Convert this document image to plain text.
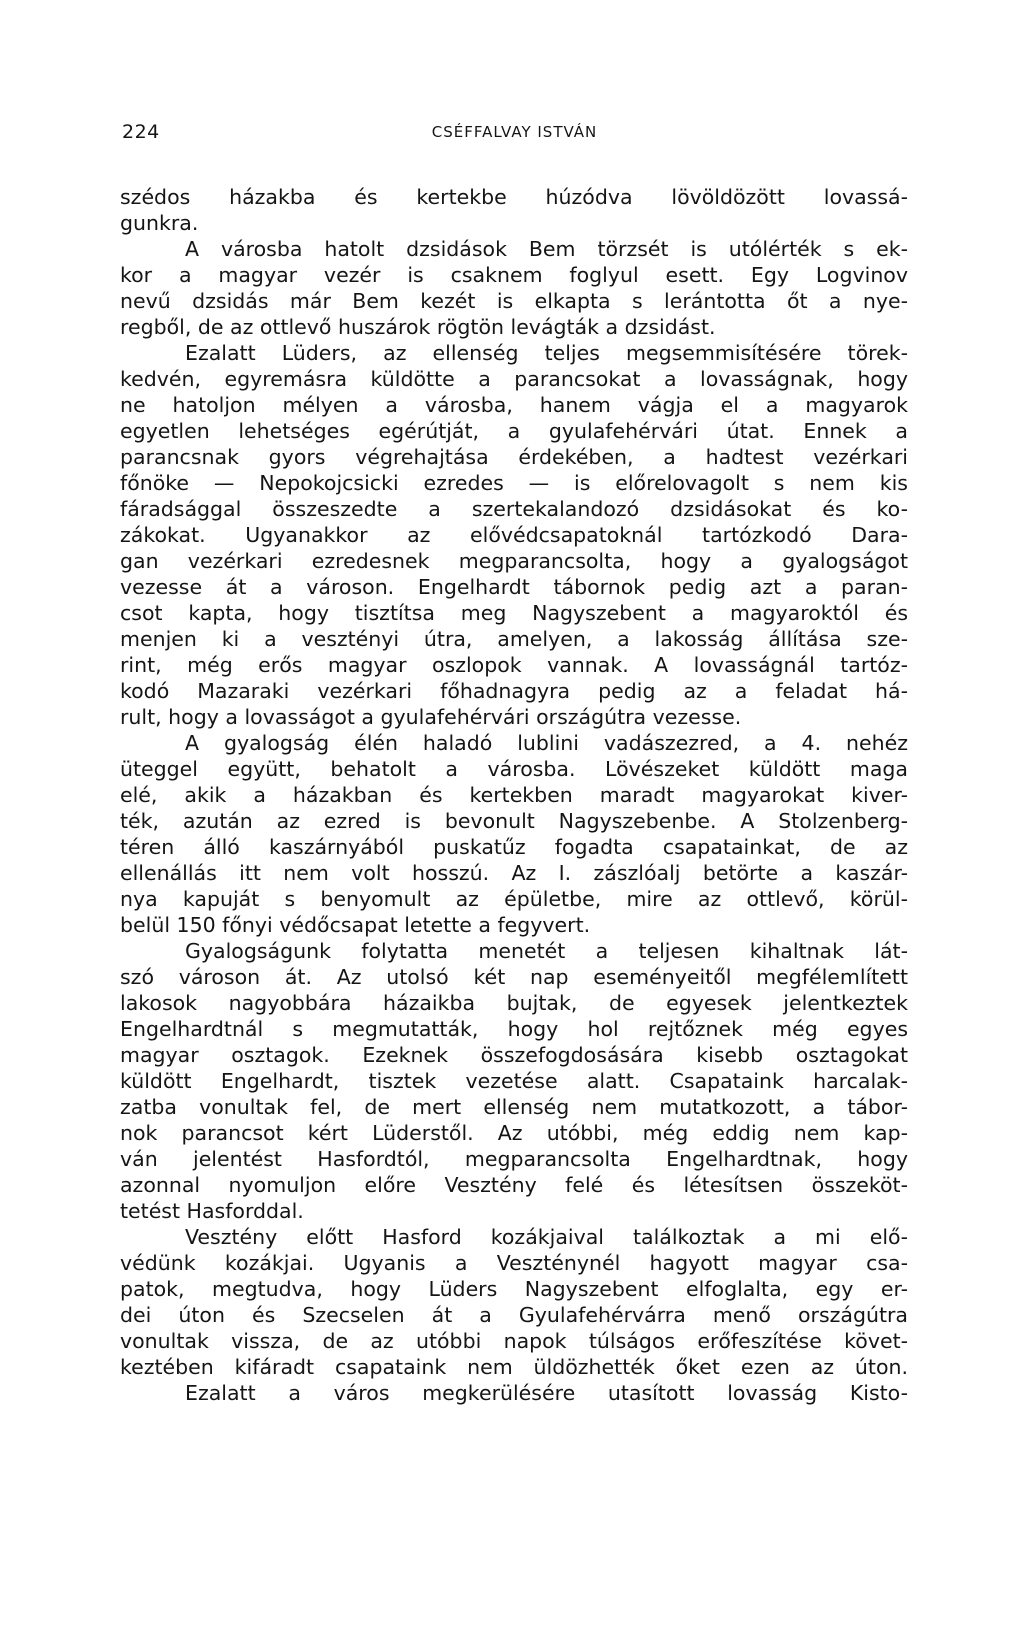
224	CSÉFFALVAY ISTVÁN
szédos házakba és kertekbe húzódva lövöldözött lovassá-
gunkra.
A városba hatolt dzsidások Bem törzsét is utólérték s ek-
kor a magyar vezér is csaknem foglyul esett. Egy Logvinov
nevű dzsidás már Bem kezét is elkapta s lerántotta őt a nye-
regből, de az ottlevő huszárok rögtön levágták a dzsidást.
Ezalatt Lüders, az ellenség teljes megsemmisítésére törek-
kedvén, egyremásra küldötte a parancsokat a lovasságnak, hogy
ne hatoljon mélyen a városba, hanem vágja el a magyarok
egyetlen lehetséges egérútját, a gyulafehérvári útat. Ennek a
parancsnak gyors végrehajtása érdekében, a hadtest vezérkari
főnöke — Nepokojcsicki ezredes — is előrelovagolt s nem kis
fáradsággal összeszedte a szertekalandozó dzsidásokat és ko-
zákokat. Ugyanakkor az elővédcsapatoknál tartózkodó Dara-
gan vezérkari ezredesnek megparancsolta, hogy a gyalogságot
vezesse át a városon. Engelhardt tábornok pedig azt a paran-
csot kapta, hogy tisztítsa meg Nagyszebent a magyaroktól és
menjen ki a vesztényi útra, amelyen, a lakosság állítása sze-
rint, még erős magyar oszlopok vannak. A lovasságnál tartóz-
kodó Mazaraki vezérkari főhadnagyra pedig az a feladat há-
rult, hogy a lovasságot a gyulafehérvári országútra vezesse.
A gyalogság élén haladó lublini vadászezred, a 4. nehéz
üteggel együtt, behatolt a városba. Lövészeket küldött maga
elé, akik a házakban és kertekben maradt magyarokat kiver-
ték, azután az ezred is bevonult Nagyszebenbe. A Stolzenberg-
téren álló kaszárnyából puskatűz fogadta csapatainkat, de az
ellenállás itt nem volt hosszú. Az I. zászlóalj betörte a kaszár-
nya kapuját s benyomult az épületbe, mire az ottlevő, körül-
belül 150 főnyi védőcsapat letette a fegyvert.
Gyalogságunk folytatta menetét a teljesen kihaltnak lát-
szó városon át. Az utolsó két nap eseményeitől megfélemlített
lakosok nagyobbára házaikba bujtak, de egyesek jelentkeztek
Engelhardtnál s megmutatták, hogy hol rejtőznek még egyes
magyar osztagok. Ezeknek összefogdosására kisebb osztagokat
küldött Engelhardt, tisztek vezetése alatt. Csapataink harcalak-
zatba vonultak fel, de mert ellenség nem mutatkozott, a tábor-
nok parancsot kért Lüderstől. Az utóbbi, még eddig nem kap-
ván jelentést Hasfordtól, megparancsolta Engelhardtnak, hogy
azonnal nyomuljon előre Vesztény felé és létesítsen összeköt-
tetést Hasforddal.
Vesztény előtt Hasford kozákjaival találkoztak a mi elő-
védünk kozákjai. Ugyanis a Veszténynél hagyott magyar csa-
patok, megtudva, hogy Lüders Nagyszebent elfoglalta, egy er-
dei úton és Szecselen át a Gyulafehérvárra menő országútra
vonultak vissza, de az utóbbi napok túlságos erőfeszítése követ-
keztében kifáradt csapataink nem üldözhették őket ezen az úton.
Ezalatt a város megkerülésére utasított lovasság Kisto-
